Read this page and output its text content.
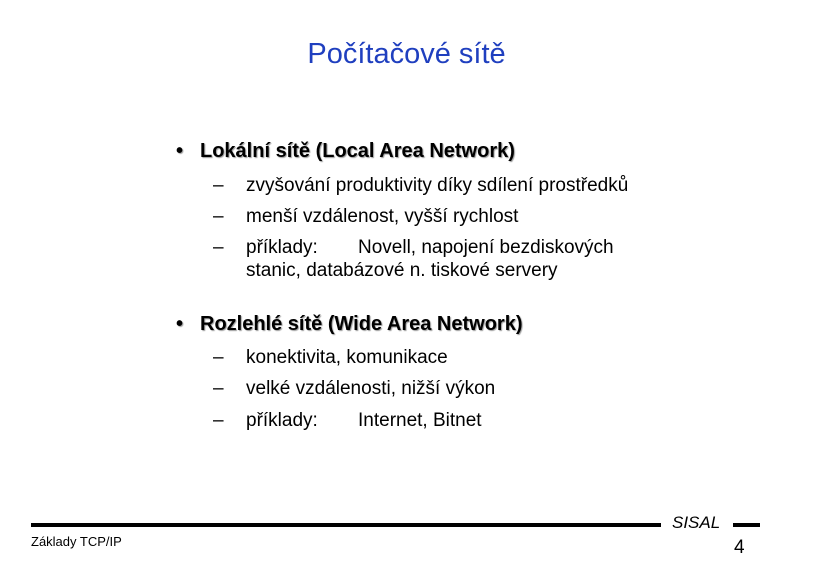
Počítačové sítě
• Lokální sítě (Local Area Network)
– zvyšování produktivity díky sdílení prostředků
– menší vzdálenost, vyšší rychlost
– příklady: Novell, napojení bezdiskových
stanic, databázové n. tiskové servery
• Rozlehlé sítě (Wide Area Network)
– konektivita, komunikace
– velké vzdálenosti, nižší výkon
– příklady: Internet, Bitnet
SISAL
Základy TCP/IP	4
